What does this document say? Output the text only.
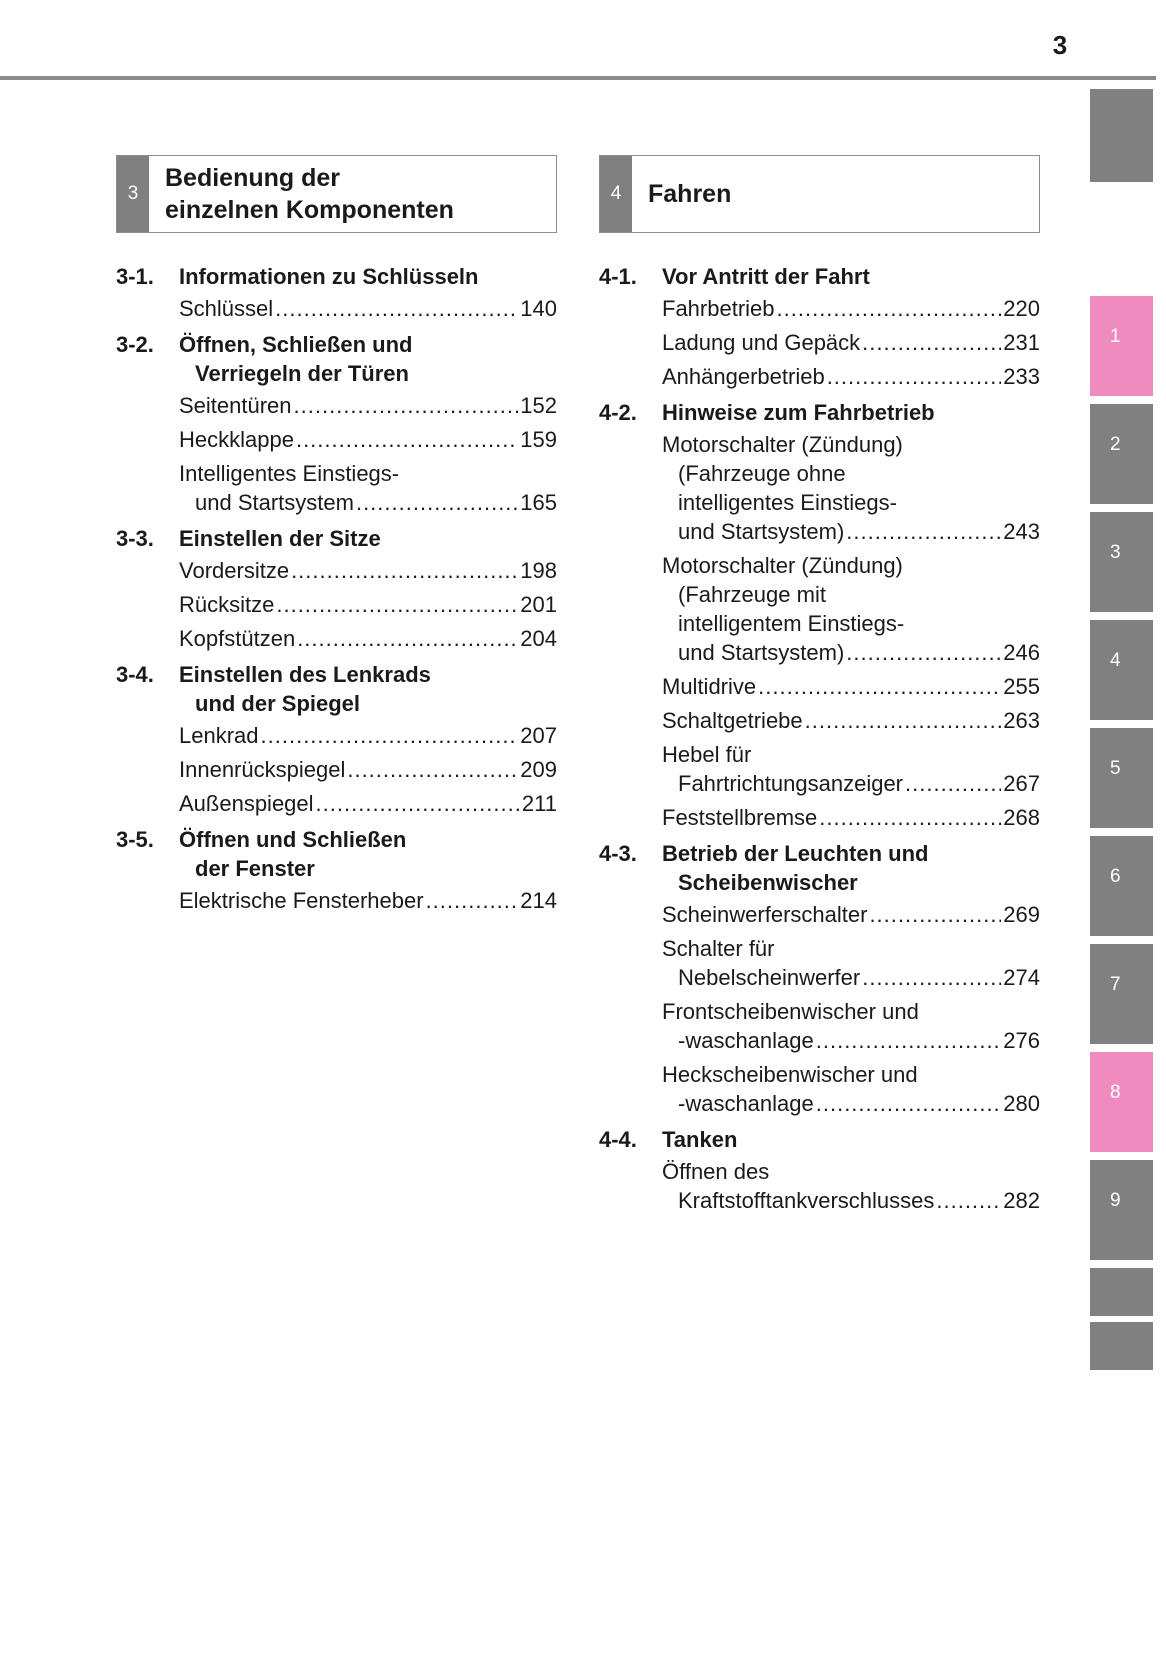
3
1
2
3
4
5
6
7
8
9
3
Bedienung der
einzelnen Komponenten
3-1. Informationen zu Schlüsseln
Schlüssel .....	140
3-2. Öffnen, Schließen und
Verriegeln der Türen
Seitentüren .....	152
Heckklappe .....	159
Intelligentes Einstiegs-
und Startsystem .....	165
3-3. Einstellen der Sitze
Vordersitze .....	198
Rücksitze .....	201
Kopfstützen .....	204
3-4. Einstellen des Lenkrads
und der Spiegel
Lenkrad .....	207
Innenrückspiegel .....	209
Außenspiegel .....	211
3-5. Öffnen und Schließen
der Fenster
Elektrische Fensterheber .....	214
4	Fahren
4-1. Vor Antritt der Fahrt
Fahrbetrieb .....	220
Ladung und Gepäck .....	231
Anhängerbetrieb .....	233
4-2. Hinweise zum Fahrbetrieb
Motorschalter (Zündung)
(Fahrzeuge ohne
intelligentes Einstiegs-
und Startsystem) .....	243
Motorschalter (Zündung)
(Fahrzeuge mit
intelligentem Einstiegs-
und Startsystem) .....	246
Multidrive .....	255
Schaltgetriebe .....	263
Hebel für
Fahrtrichtungsanzeiger .....	267
Feststellbremse .....	268
4-3. Betrieb der Leuchten und
Scheibenwischer
Scheinwerferschalter .....	269
Schalter für
Nebelscheinwerfer .....	274
Frontscheibenwischer und
-waschanlage .....	276
Heckscheibenwischer und
-waschanlage .....	280
4-4. Tanken
Öffnen des
Kraftstofftankverschlusses .....	282
